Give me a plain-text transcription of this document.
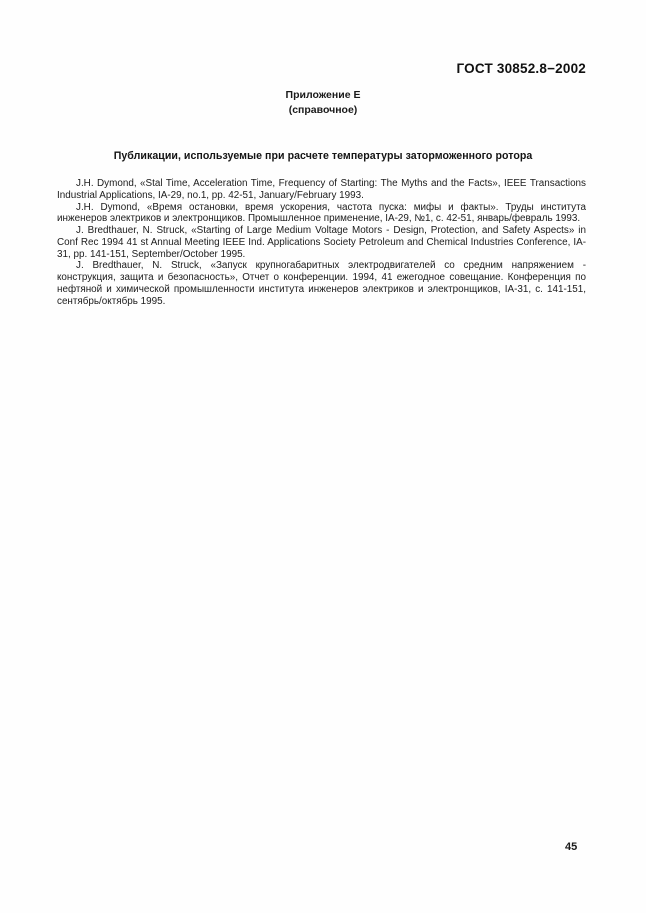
ГОСТ 30852.8−2002
Приложение Е
(справочное)
Публикации, используемые при расчете температуры заторможенного ротора

J.H. Dymond, «Stal Time, Acceleration Time, Frequency of Starting: The Myths and the Facts», IEEE Transactions Industrial Applications, IA-29, no.1, pp. 42-51, January/February 1993.

J.H. Dymond, «Время остановки, время ускорения, частота пуска: мифы и факты». Труды института инженеров электриков и электронщиков. Промышленное применение, IA-29, №1, с. 42-51, январь/февраль 1993.

J. Bredthauer, N. Struck, «Starting of Large Medium Voltage Motors - Design, Protection, and Safety Aspects» in Conf Rec 1994 41 st Annual Meeting IEEE Ind. Applications Society Petroleum and Chemical Industries Conference, IA-31, pp. 141-151, September/October 1995.

J. Bredthauer, N. Struck, «Запуск крупногабаритных электродвигателей со средним напряжением - конструкция, защита и безопасность», Отчет о конференции. 1994, 41 ежегодное совещание. Конференция по нефтяной и химической промышленности института инженеров электриков и электронщиков, IA-31, с. 141-151, сентябрь/октябрь 1995.

45
